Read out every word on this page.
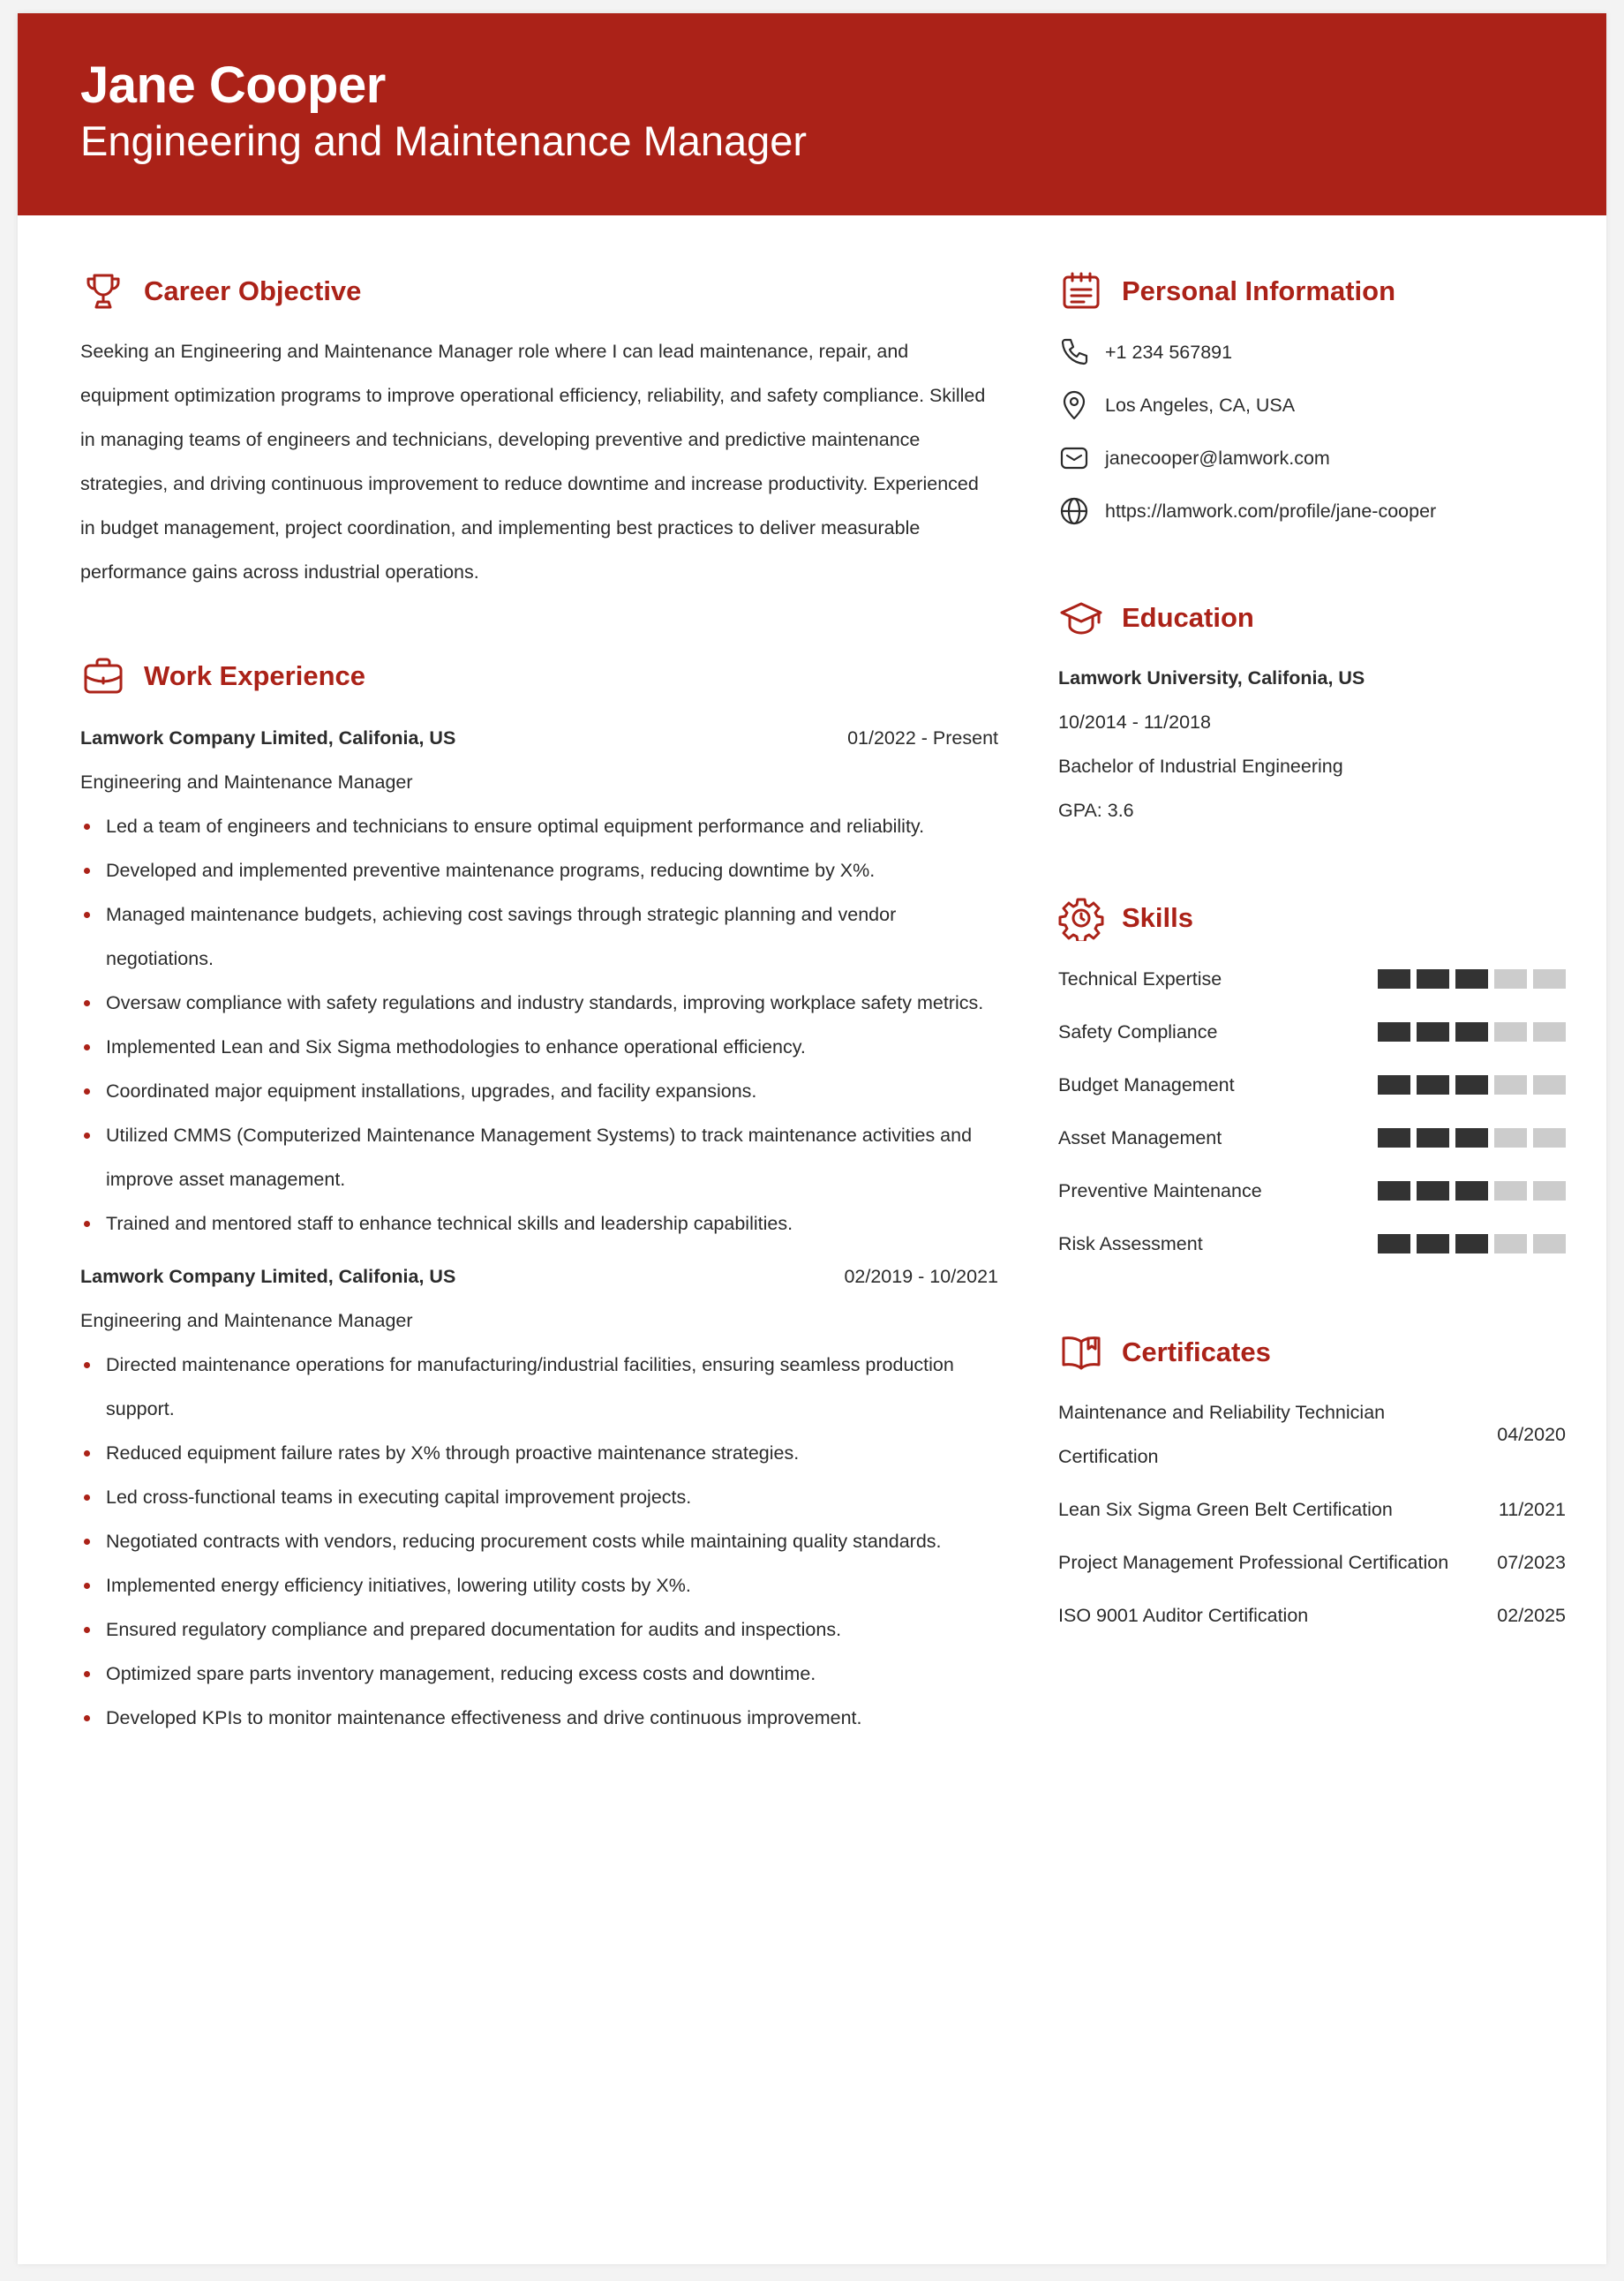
Jane Cooper
Engineering and Maintenance Manager
Career Objective

Seeking an Engineering and Maintenance Manager role where I can lead maintenance, repair, and equipment optimization programs to improve operational efficiency, reliability, and safety compliance. Skilled in managing teams of engineers and technicians, developing preventive and predictive maintenance strategies, and driving continuous improvement to reduce downtime and increase productivity. Experienced in budget management, project coordination, and implementing best practices to deliver measurable performance gains across industrial operations.

Work Experience
Lamwork Company Limited, Califonia, US	01/2022 - Present
Engineering and Maintenance Manager
Led a team of engineers and technicians to ensure optimal equipment performance and reliability.
Developed and implemented preventive maintenance programs, reducing downtime by X%.
Managed maintenance budgets, achieving cost savings through strategic planning and vendor negotiations.
Oversaw compliance with safety regulations and industry standards, improving workplace safety metrics.
Implemented Lean and Six Sigma methodologies to enhance operational efficiency.
Coordinated major equipment installations, upgrades, and facility expansions.
Utilized CMMS (Computerized Maintenance Management Systems) to track maintenance activities and improve asset management.
Trained and mentored staff to enhance technical skills and leadership capabilities.
Lamwork Company Limited, Califonia, US	02/2019 - 10/2021
Engineering and Maintenance Manager
Directed maintenance operations for manufacturing/industrial facilities, ensuring seamless production support.
Reduced equipment failure rates by X% through proactive maintenance strategies.
Led cross-functional teams in executing capital improvement projects.
Negotiated contracts with vendors, reducing procurement costs while maintaining quality standards.
Implemented energy efficiency initiatives, lowering utility costs by X%.
Ensured regulatory compliance and prepared documentation for audits and inspections.
Optimized spare parts inventory management, reducing excess costs and downtime.
Developed KPIs to monitor maintenance effectiveness and drive continuous improvement.
Personal Information
+1 234 567891
Los Angeles, CA, USA
janecooper@lamwork.com
https://lamwork.com/profile/jane-cooper
Education
Lamwork University, Califonia, US
10/2014 - 11/2018
Bachelor of Industrial Engineering
GPA: 3.6
Skills
Technical Expertise
Safety Compliance
Budget Management
Asset Management
Preventive Maintenance
Risk Assessment
Certificates
Maintenance and Reliability Technician Certification
04/2020
Lean Six Sigma Green Belt Certification	11/2021
Project Management Professional Certification	07/2023
ISO 9001 Auditor Certification	02/2025
